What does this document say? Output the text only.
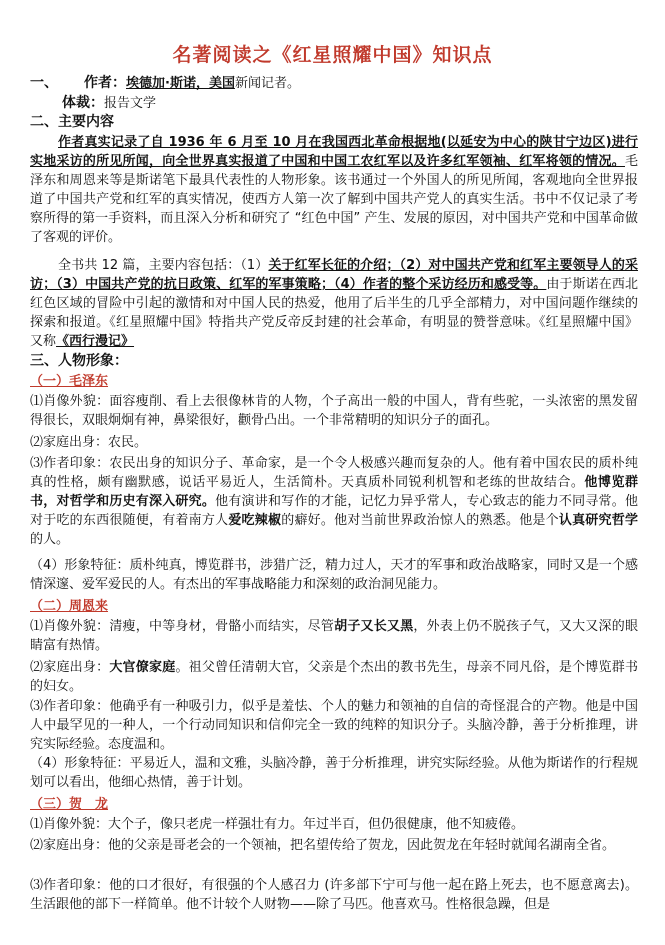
名著阅读之《红星照耀中国》知识点
一、 作者：埃德加·斯诺，美国新闻记者。
体裁：报告文学
二、主要内容
作者真实记录了自 1936 年 6 月至 10 月在我国西北革命根据地(以延安为中心的陕甘宁边区)进行实地采访的所见所闻，向全世界真实报道了中国和中国工农红军以及许多红军领袖、红军将领的情况。毛泽东和周恩来等是斯诺笔下最具代表性的人物形象。该书通过一个外国人的所见所闻，客观地向全世界报道了中国共产党和红军的真实情况，使西方人第一次了解到中国共产党人的真实生活。书中不仅记录了考察所得的第一手资料，而且深入分析和研究了 “红色中国” 产生、发展的原因，对中国共产党和中国革命做了客观的评价。
全书共 12 篇，主要内容包括：（1）关于红军长征的介绍；（2）对中国共产党和红军主要领导人的采访；（3）中国共产党的抗日政策、红军的军事策略；（4）作者的整个采访经历和感受等。由于斯诺在西北红色区域的冒险中引起的激情和对中国人民的热爱，他用了后半生的几乎全部精力，对中国问题作继续的探索和报道。《红星照耀中国》特指共产党反帝反封建的社会革命，有明显的赞誉意味。《红星照耀中国》又称《西行漫记》
三、人物形象：
（一）毛泽东
⑴肖像外貌：面容瘦削、看上去很像林肯的人物，个子高出一般的中国人，背有些驼，一头浓密的黑发留得很长，双眼炯炯有神，鼻梁很好，颧骨凸出。一个非常精明的知识分子的面孔。
⑵家庭出身：农民。
⑶作者印象：农民出身的知识分子、革命家，是一个令人极感兴趣而复杂的人。他有着中国农民的质朴纯真的性格，颇有幽默感，说话平易近人，生活简朴。天真质朴同锐利机智和老练的世故结合。他博览群书，对哲学和历史有深入研究。他有演讲和写作的才能，记忆力异乎常人，专心致志的能力不同寻常。他对于吃的东西很随便，有着南方人爱吃辣椒的癖好。他对当前世界政治惊人的熟悉。他是个认真研究哲学的人。
（4）形象特征：质朴纯真，博览群书，涉猎广泛，精力过人，天才的军事和政治战略家，同时又是一个感情深邃、爱军爱民的人。有杰出的军事战略能力和深刻的政治洞见能力。
（二）周恩来
⑴肖像外貌：清瘦，中等身材，骨骼小而结实，尽管胡子又长又黑，外表上仍不脱孩子气，又大又深的眼睛富有热情。
⑵家庭出身：大官僚家庭。祖父曾任清朝大官，父亲是个杰出的教书先生，母亲不同凡俗，是个博览群书的妇女。
⑶作者印象：他确乎有一种吸引力，似乎是羞怯、个人的魅力和领袖的自信的奇怪混合的产物。他是中国人中最罕见的一种人，一个行动同知识和信仰完全一致的纯粹的知识分子。头脑冷静，善于分析推理，讲究实际经验。态度温和。
（4）形象特征：平易近人，温和文雅，头脑冷静，善于分析推理，讲究实际经验。从他为斯诺作的行程规划可以看出，他细心热情，善于计划。
（三）贺　龙
⑴肖像外貌：大个子，像只老虎一样强壮有力。年过半百，但仍很健康，他不知疲倦。
⑵家庭出身：他的父亲是哥老会的一个领袖，把名望传给了贺龙，因此贺龙在年轻时就闻名湖南全省。
⑶作者印象：他的口才很好，有很强的个人感召力 (许多部下宁可与他一起在路上死去，也不愿意离去)。生活跟他的部下一样简单。他不计较个人财物——除了马匹。他喜欢马。性格很急躁，但是
